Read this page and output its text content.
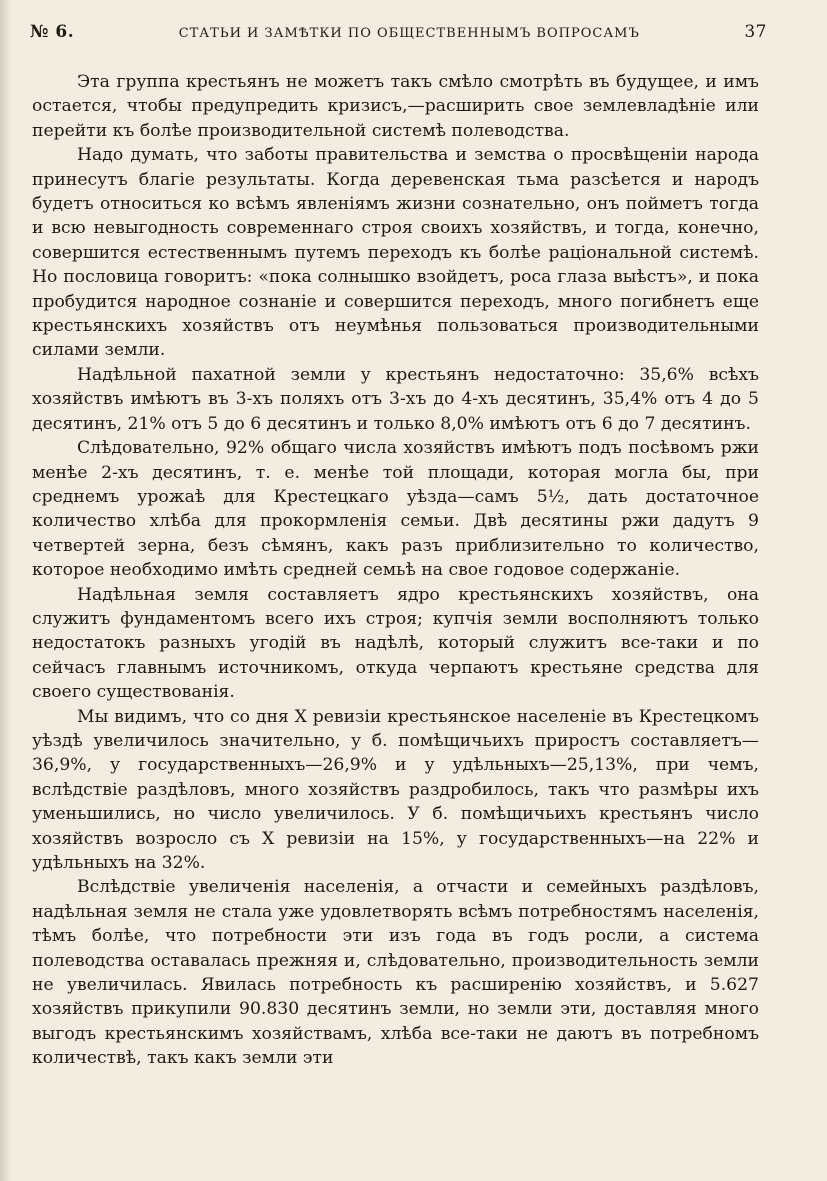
№ 6.	СТАТЬИ И ЗАМѢТКИ ПО ОБЩЕСТВЕННЫМЪ ВОПРОСАМЪ	37

Эта группа крестьянъ не можетъ такъ смѣло смотрѣть въ будущее, и имъ остается, чтобы предупредить кризисъ,—расширить свое землевладѣніе или перейти къ болѣе производительной системѣ полеводства.

Надо думать, что заботы правительства и земства о просвѣщеніи народа принесутъ благіе результаты. Когда деревенская тьма разсѣется и народъ будетъ относиться ко всѣмъ явленіямъ жизни сознательно, онъ пойметъ тогда и всю невыгодность современнаго строя своихъ хозяйствъ, и тогда, конечно, совершится естественнымъ путемъ переходъ къ болѣе раціональной системѣ. Но пословица говоритъ: «пока солнышко взойдетъ, роса глаза выѣстъ», и пока пробудится народное сознаніе и совершится переходъ, много погибнетъ еще крестьянскихъ хозяйствъ отъ неумѣнья пользоваться производительными силами земли.

Надѣльной пахатной земли у крестьянъ недостаточно: 35,6% всѣхъ хозяйствъ имѣютъ въ 3-хъ поляхъ отъ 3-хъ до 4-хъ десятинъ, 35,4% отъ 4 до 5 десятинъ, 21% отъ 5 до 6 десятинъ и только 8,0% имѣютъ отъ 6 до 7 десятинъ.

Слѣдовательно, 92% общаго числа хозяйствъ имѣютъ подъ посѣвомъ ржи менѣе 2-хъ десятинъ, т. е. менѣе той площади, которая могла бы, при среднемъ урожаѣ для Крестецкаго уѣзда—самъ 5½, дать достаточное количество хлѣба для прокормленія семьи. Двѣ десятины ржи дадутъ 9 четвертей зерна, безъ сѣмянъ, какъ разъ приблизительно то количество, которое необходимо имѣть средней семьѣ на свое годовое содержаніе.

Надѣльная земля составляетъ ядро крестьянскихъ хозяйствъ, она служитъ фундаментомъ всего ихъ строя; купчія земли восполняютъ только недостатокъ разныхъ угодій въ надѣлѣ, который служитъ все-таки и по сейчасъ главнымъ источникомъ, откуда черпаютъ крестьяне средства для своего существованія.

Мы видимъ, что со дня X ревизіи крестьянское населеніе въ Крестецкомъ уѣздѣ увеличилось значительно, у б. помѣщичьихъ приростъ составляетъ—36,9%, у государственныхъ—26,9% и у удѣльныхъ—25,13%, при чемъ, вслѣдствіе раздѣловъ, много хозяйствъ раздробилось, такъ что размѣры ихъ уменьшились, но число увеличилось. У б. помѣщичьихъ крестьянъ число хозяйствъ возросло съ X ревизіи на 15%, у государственныхъ—на 22% и удѣльныхъ на 32%.

Вслѣдствіе увеличенія населенія, а отчасти и семейныхъ раздѣловъ, надѣльная земля не стала уже удовлетворять всѣмъ потребностямъ населенія, тѣмъ болѣе, что потребности эти изъ года въ годъ росли, а система полеводства оставалась прежняя и, слѣдовательно, производительность земли не увеличилась. Явилась потребность къ расширенію хозяйствъ, и 5.627 хозяйствъ прикупили 90.830 десятинъ земли, но земли эти, доставляя много выгодъ крестьянскимъ хозяйствамъ, хлѣба все-таки не даютъ въ потребномъ количествѣ, такъ какъ земли эти
